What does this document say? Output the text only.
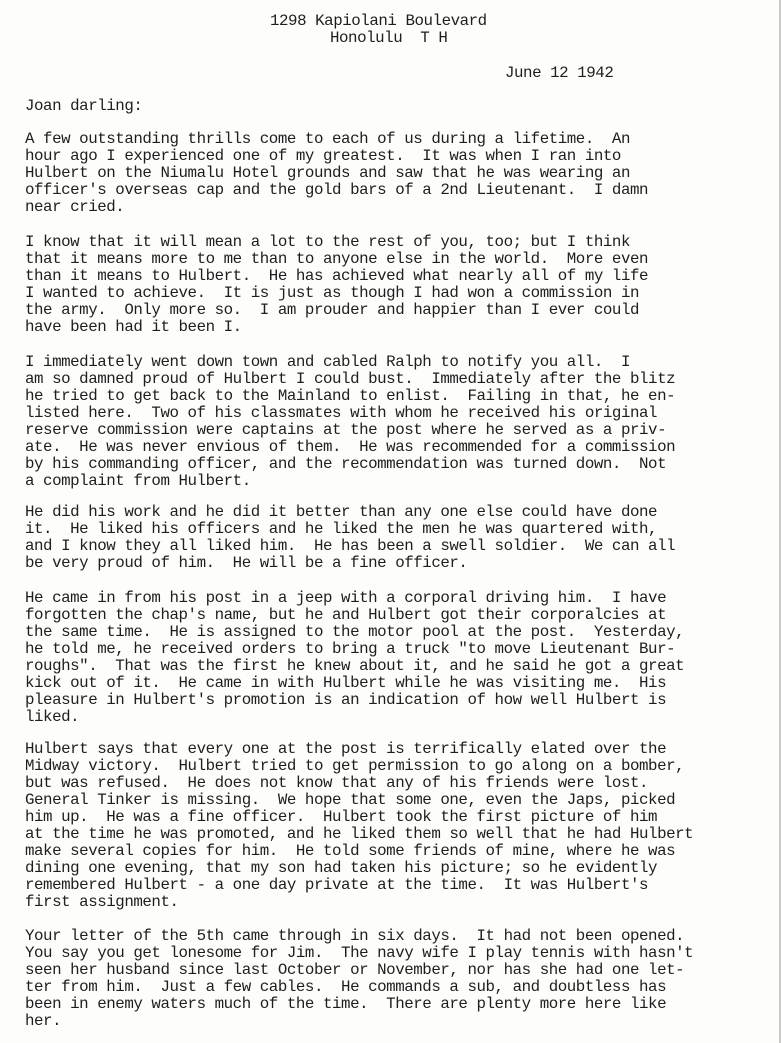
1298 Kapiolani Boulevard
Honolulu  T H
June 12 1942
Joan darling:
A few outstanding thrills come to each of us during a lifetime.  An
hour ago I experienced one of my greatest.  It was when I ran into
Hulbert on the Niumalu Hotel grounds and saw that he was wearing an
officer's overseas cap and the gold bars of a 2nd Lieutenant.  I damn
near cried.
I know that it will mean a lot to the rest of you, too; but I think
that it means more to me than to anyone else in the world.  More even
than it means to Hulbert.  He has achieved what nearly all of my life
I wanted to achieve.  It is just as though I had won a commission in
the army.  Only more so.  I am prouder and happier than I ever could
have been had it been I.
I immediately went down town and cabled Ralph to notify you all.  I
am so damned proud of Hulbert I could bust.  Immediately after the blitz
he tried to get back to the Mainland to enlist.  Failing in that, he en-
listed here.  Two of his classmates with whom he received his original
reserve commission were captains at the post where he served as a priv-
ate.  He was never envious of them.  He was recommended for a commission
by his commanding officer, and the recommendation was turned down.  Not
a complaint from Hulbert.
He did his work and he did it better than any one else could have done
it.  He liked his officers and he liked the men he was quartered with,
and I know they all liked him.  He has been a swell soldier.  We can all
be very proud of him.  He will be a fine officer.
He came in from his post in a jeep with a corporal driving him.  I have
forgotten the chap's name, but he and Hulbert got their corporalcies at
the same time.  He is assigned to the motor pool at the post.  Yesterday,
he told me, he received orders to bring a truck "to move Lieutenant Bur-
roughs".  That was the first he knew about it, and he said he got a great
kick out of it.  He came in with Hulbert while he was visiting me.  His
pleasure in Hulbert's promotion is an indication of how well Hulbert is
liked.
Hulbert says that every one at the post is terrifically elated over the
Midway victory.  Hulbert tried to get permission to go along on a bomber,
but was refused.  He does not know that any of his friends were lost.
General Tinker is missing.  We hope that some one, even the Japs, picked
him up.  He was a fine officer.  Hulbert took the first picture of him
at the time he was promoted, and he liked them so well that he had Hulbert
make several copies for him.  He told some friends of mine, where he was
dining one evening, that my son had taken his picture; so he evidently
remembered Hulbert - a one day private at the time.  It was Hulbert's
first assignment.
Your letter of the 5th came through in six days.  It had not been opened.
You say you get lonesome for Jim.  The navy wife I play tennis with hasn't
seen her husband since last October or November, nor has she had one let-
ter from him.  Just a few cables.  He commands a sub, and doubtless has
been in enemy waters much of the time.  There are plenty more here like
her.
